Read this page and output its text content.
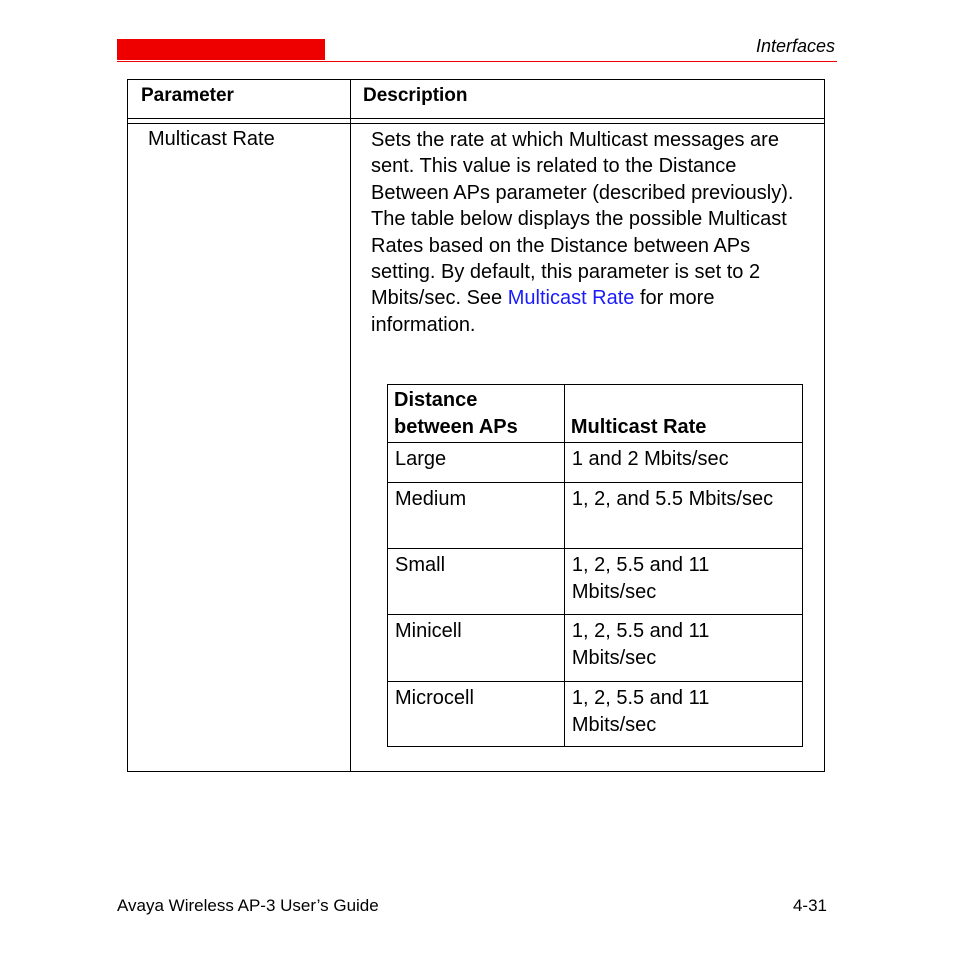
Interfaces
Parameter	Description
Multicast Rate	Sets the rate at which Multicast messages are sent. This value is related to the Distance Between APs parameter (described previously). The table below displays the possible Multicast Rates based on the Distance between APs setting. By default, this parameter is set to 2 Mbits/sec. See Multicast Rate for more information.
Distance between APs	Multicast Rate
Large	1 and 2 Mbits/sec
Medium	1, 2, and 5.5 Mbits/sec
Small	1, 2, 5.5 and 11 Mbits/sec
Minicell	1, 2, 5.5 and 11 Mbits/sec
Microcell	1, 2, 5.5 and 11 Mbits/sec
Avaya Wireless AP-3 User’s Guide	4-31
